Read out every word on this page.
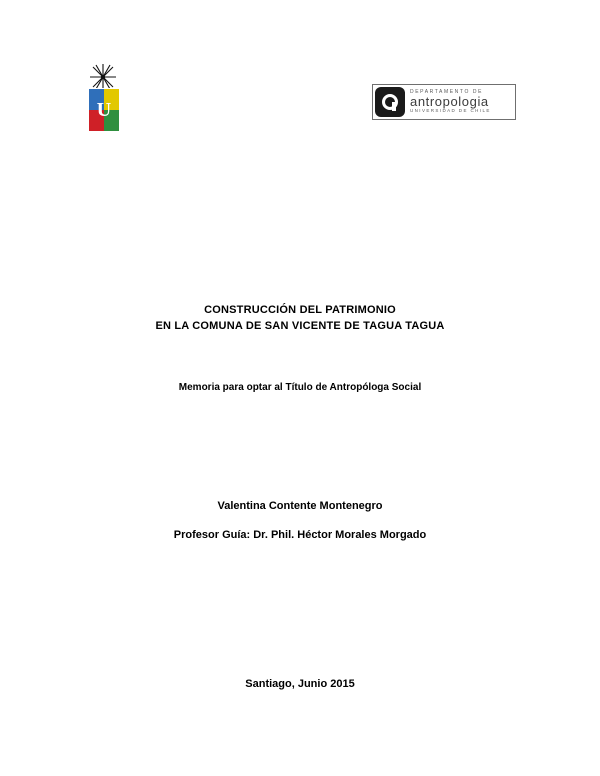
U
DEPARTAMENTO DE
antropologia
UNIVERSIDAD DE CHILE
CONSTRUCCIÓN DEL PATRIMONIO
EN LA COMUNA DE SAN VICENTE DE TAGUA TAGUA
Memoria para optar al Título de Antropóloga Social
Valentina Contente Montenegro
Profesor Guía: Dr. Phil. Héctor Morales Morgado
Santiago, Junio 2015
